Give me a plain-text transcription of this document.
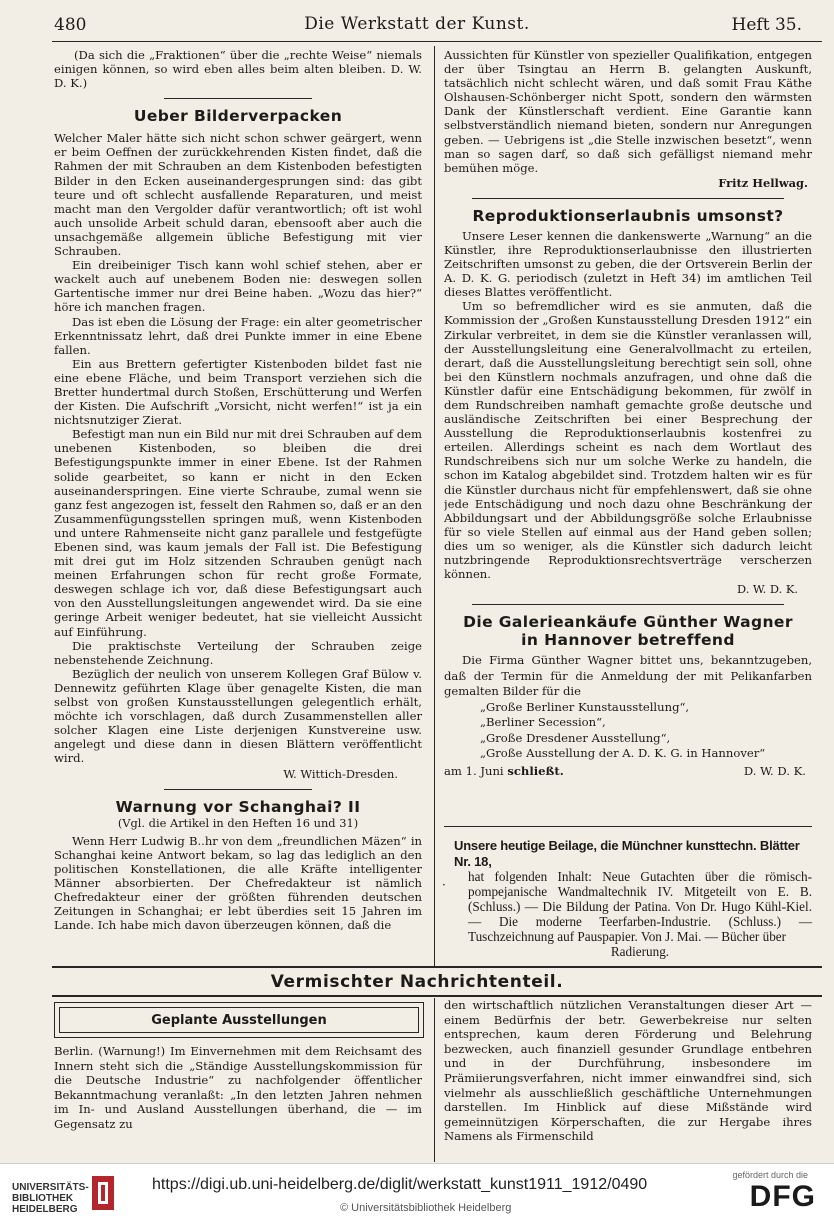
480	Die Werkstatt der Kunst.	Heft 35.

(Da sich die „Fraktionen“ über die „rechte Weise“ niemals einigen können, so wird eben alles beim alten bleiben. D. W. D. K.)

Ueber Bilderverpacken

Welcher Maler hätte sich nicht schon schwer geärgert, wenn er beim Oeffnen der zurückkehrenden Kisten findet, daß die Rahmen der mit Schrauben an dem Kistenboden befestigten Bilder in den Ecken auseinandergesprungen sind: das gibt teure und oft schlecht ausfallende Reparaturen, und meist macht man den Vergolder dafür verantwortlich; oft ist wohl auch unsolide Arbeit schuld daran, ebensooft aber auch die unsachgemäße allgemein übliche Befestigung mit vier Schrauben.

Ein dreibeiniger Tisch kann wohl schief stehen, aber er wackelt auch auf unebenem Boden nie: deswegen sollen Gartentische immer nur drei Beine haben. „Wozu das hier?“ höre ich manchen fragen.

Das ist eben die Lösung der Frage: ein alter geometrischer Erkenntnissatz lehrt, daß drei Punkte immer in eine Ebene fallen.

Ein aus Brettern gefertigter Kistenboden bildet fast nie eine ebene Fläche, und beim Transport verziehen sich die Bretter hundertmal durch Stoßen, Erschütterung und Werfen der Kisten. Die Aufschrift „Vorsicht, nicht werfen!“ ist ja ein nichtsnutziger Zierat.

Befestigt man nun ein Bild nur mit drei Schrauben auf dem unebenen Kistenboden, so bleiben die drei Befestigungspunkte immer in einer Ebene. Ist der Rahmen solide gearbeitet, so kann er nicht in den Ecken auseinanderspringen. Eine vierte Schraube, zumal wenn sie ganz fest angezogen ist, fesselt den Rahmen so, daß er an den Zusammenfügungsstellen springen muß, wenn Kistenboden und untere Rahmenseite nicht ganz parallele und festgefügte Ebenen sind, was kaum jemals der Fall ist. Die Befestigung mit drei gut im Holz sitzenden Schrauben genügt nach meinen Erfahrungen schon für recht große Formate, deswegen schlage ich vor, daß diese Befestigungsart auch von den Ausstellungsleitungen angewendet wird. Da sie eine geringe Arbeit weniger bedeutet, hat sie vielleicht Aussicht auf Einführung.

Die praktischste Verteilung der Schrauben zeige nebenstehende Zeichnung.

Bezüglich der neulich von unserem Kollegen Graf Bülow v. Dennewitz geführten Klage über genagelte Kisten, die man selbst von großen Kunstausstellungen gelegentlich erhält, möchte ich vorschlagen, daß durch Zusammenstellen aller solcher Klagen eine Liste derjenigen Kunstvereine usw. angelegt und diese dann in diesen Blättern veröffentlicht wird.

W. Wittich-Dresden.
Warnung vor Schanghai? II
(Vgl. die Artikel in den Heften 16 und 31)

Wenn Herr Ludwig B..hr von dem „freundlichen Mäzen“ in Schanghai keine Antwort bekam, so lag das lediglich an den politischen Konstellationen, die alle Kräfte intelligenter Männer absorbierten. Der Chefredakteur ist nämlich Chefredakteur einer der größten führenden deutschen Zeitungen in Schanghai; er lebt überdies seit 15 Jahren im Lande. Ich habe mich davon überzeugen können, daß die

Aussichten für Künstler von spezieller Qualifikation, entgegen der über Tsingtau an Herrn B. gelangten Auskunft, tatsächlich nicht schlecht wären, und daß somit Frau Käthe Olshausen-Schönberger nicht Spott, sondern den wärmsten Dank der Künstlerschaft verdient. Eine Garantie kann selbstverständlich niemand bieten, sondern nur Anregungen geben. — Uebrigens ist „die Stelle inzwischen besetzt“, wenn man so sagen darf, so daß sich gefälligst niemand mehr bemühen möge.

Fritz Hellwag.
Reproduktionserlaubnis umsonst?

Unsere Leser kennen die dankenswerte „Warnung“ an die Künstler, ihre Reproduktionserlaubnisse den illustrierten Zeitschriften umsonst zu geben, die der Ortsverein Berlin der A. D. K. G. periodisch (zuletzt in Heft 34) im amtlichen Teil dieses Blattes veröffentlicht.

Um so befremdlicher wird es sie anmuten, daß die Kommission der „Großen Kunstausstellung Dresden 1912“ ein Zirkular verbreitet, in dem sie die Künstler veranlassen will, der Ausstellungsleitung eine Generalvollmacht zu erteilen, derart, daß die Ausstellungsleitung berechtigt sein soll, ohne bei den Künstlern nochmals anzufragen, und ohne daß die Künstler dafür eine Entschädigung bekommen, für zwölf in dem Rundschreiben namhaft gemachte große deutsche und ausländische Zeitschriften bei einer Besprechung der Ausstellung die Reproduktionserlaubnis kostenfrei zu erteilen. Allerdings scheint es nach dem Wortlaut des Rundschreibens sich nur um solche Werke zu handeln, die schon im Katalog abgebildet sind. Trotzdem halten wir es für die Künstler durchaus nicht für empfehlenswert, daß sie ohne jede Entschädigung und noch dazu ohne Beschränkung der Abbildungsart und der Abbildungsgröße solche Erlaubnisse für so viele Stellen auf einmal aus der Hand geben sollen; dies um so weniger, als die Künstler sich dadurch leicht nutzbringende Reproduktionsrechtsverträge verscherzen können.

D. W. D. K.
Die Galerieankäufe Günther Wagner
in Hannover betreffend

Die Firma Günther Wagner bittet uns, bekanntzugeben, daß der Termin für die Anmeldung der mit Pelikanfarben gemalten Bilder für die

„Große Berliner Kunstausstellung“,
„Berliner Secession“,
„Große Dresdener Ausstellung“,
„Große Ausstellung der A. D. K. G. in Hannover“
am 1. Juni schließt.	D. W. D. K.
Unsere heutige Beilage, die Münchner kunsttechn. Blätter Nr. 18,
hat folgenden Inhalt: Neue Gutachten über die römisch-pompejanische Wandmaltechnik IV. Mitgeteilt von E. B. (Schluss.) — Die Bildung der Patina. Von Dr. Hugo Kühl-Kiel. — Die moderne Teerfarben-Industrie. (Schluss.) — Tuschzeichnung auf Pauspapier. Von J. Mai. — Bücher über
Radierung.
·
Vermischter Nachrichtenteil.
Geplante Ausstellungen

Berlin. (Warnung!) Im Einvernehmen mit dem Reichsamt des Innern steht sich die „Ständige Ausstellungskommission für die Deutsche Industrie“ zu nachfolgender öffentlicher Bekanntmachung veranlaßt: „In den letzten Jahren nehmen im In- und Ausland Ausstellungen überhand, die — im Gegensatz zu

den wirtschaftlich nützlichen Veranstaltungen dieser Art — einem Bedürfnis der betr. Gewerbekreise nur selten entsprechen, kaum deren Förderung und Belehrung bezwecken, auch finanziell gesunder Grundlage entbehren und in der Durchführung, insbesondere im Prämiierungsverfahren, nicht immer einwandfrei sind, sich vielmehr als ausschließlich geschäftliche Unternehmungen darstellen. Im Hinblick auf diese Mißstände wird gemeinnützigen Körperschaften, die zur Hergabe ihres Namens als Firmenschild

UNIVERSITÄTS-
BIBLIOTHEK
HEIDELBERG
https://digi.ub.uni-heidelberg.de/diglit/werkstatt_kunst1911_1912/0490
© Universitätsbibliothek Heidelberg
gefördert durch die
DFG
